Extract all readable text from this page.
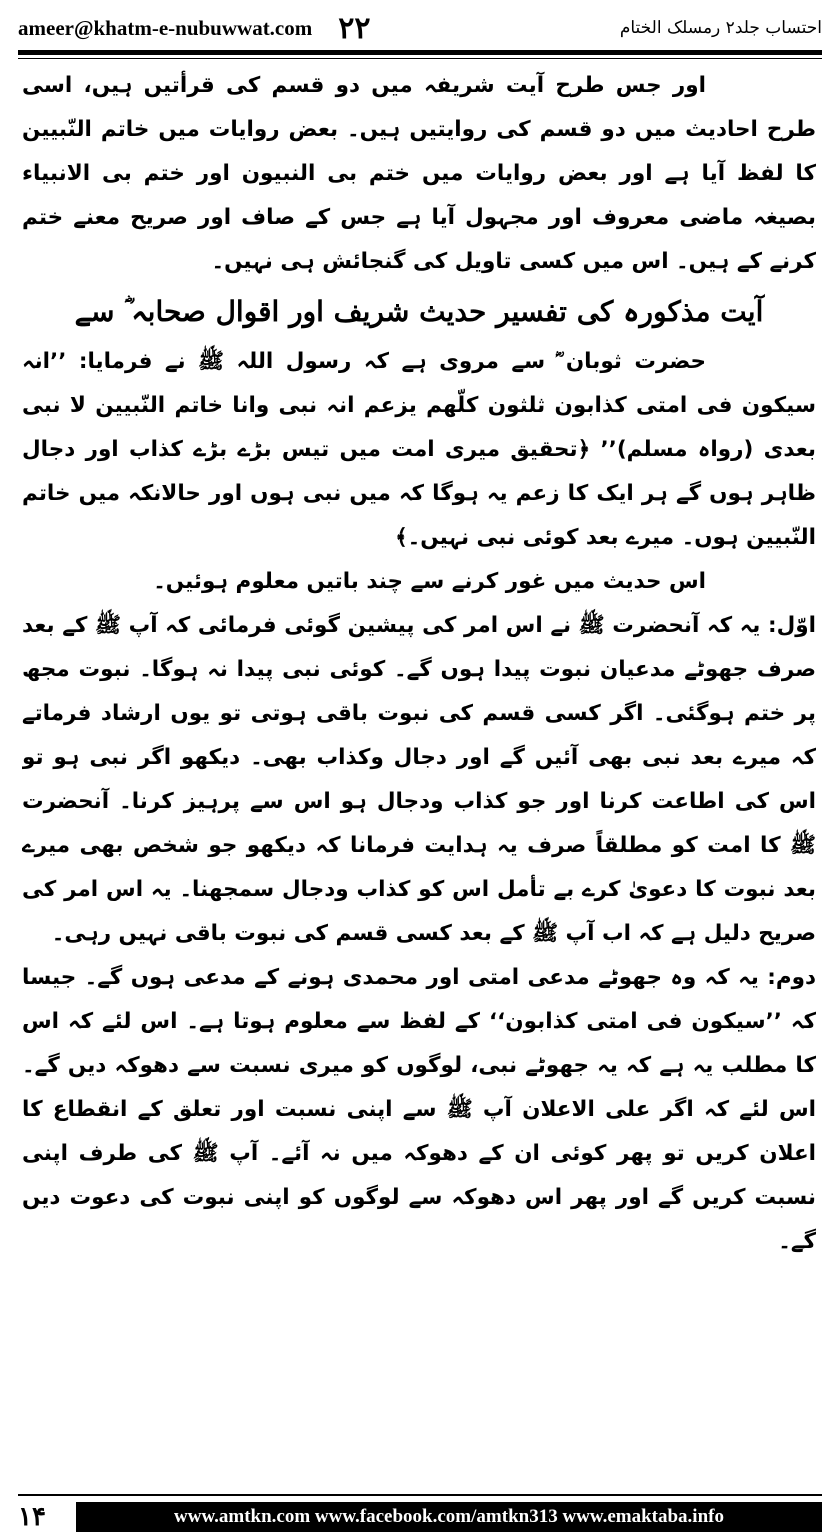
ameer@khatm-e-nubuwwat.com ۲۲	احتساب جلد۲ رمسلک الختام

اور جس طرح آیت شریفہ میں دو قسم کی قرأتیں ہیں، اسی طرح احادیث میں دو قسم کی روایتیں ہیں۔ بعض روایات میں خاتم النّبیین کا لفظ آیا ہے اور بعض روایات میں ختم بی النبیون اور ختم بی الانبیاء بصیغہ ماضی معروف اور مجہول آیا ہے جس کے صاف اور صریح معنے ختم کرنے کے ہیں۔ اس میں کسی تاویل کی گنجائش ہی نہیں۔

آیت مذکورہ کی تفسیر حدیث شریف اور اقوال صحابہ ؓ سے

حضرت ثوبان ؓ سے مروی ہے کہ رسول اللہ ﷺ نے فرمایا: ’’انہ سیکون فی امتی کذابون ثلثون کلّھم یزعم انہ نبی وانا خاتم النّبیین لا نبی بعدی (رواہ مسلم)’’ ﴿تحقیق میری امت میں تیس بڑے بڑے کذاب اور دجال ظاہر ہوں گے ہر ایک کا زعم یہ ہوگا کہ میں نبی ہوں اور حالانکہ میں خاتم النّبیین ہوں۔ میرے بعد کوئی نبی نہیں۔﴾

اس حدیث میں غور کرنے سے چند باتیں معلوم ہوئیں۔

اوّل: یہ کہ آنحضرت ﷺ نے اس امر کی پیشین گوئی فرمائی کہ آپ ﷺ کے بعد صرف جھوٹے مدعیان نبوت پیدا ہوں گے۔ کوئی نبی پیدا نہ ہوگا۔ نبوت مجھ پر ختم ہوگئی۔ اگر کسی قسم کی نبوت باقی ہوتی تو یوں ارشاد فرماتے کہ میرے بعد نبی بھی آئیں گے اور دجال وکذاب بھی۔ دیکھو اگر نبی ہو تو اس کی اطاعت کرنا اور جو کذاب ودجال ہو اس سے پرہیز کرنا۔ آنحضرت ﷺ کا امت کو مطلقاً صرف یہ ہدایت فرمانا کہ دیکھو جو شخص بھی میرے بعد نبوت کا دعویٰ کرے بے تأمل اس کو کذاب ودجال سمجھنا۔ یہ اس امر کی صریح دلیل ہے کہ اب آپ ﷺ کے بعد کسی قسم کی نبوت باقی نہیں رہی۔

دوم: یہ کہ وہ جھوٹے مدعی امتی اور محمدی ہونے کے مدعی ہوں گے۔ جیسا کہ ’’سیکون فی امتی کذابون‘‘ کے لفظ سے معلوم ہوتا ہے۔ اس لئے کہ اس کا مطلب یہ ہے کہ یہ جھوٹے نبی، لوگوں کو میری نسبت سے دھوکہ دیں گے۔ اس لئے کہ اگر علی الاعلان آپ ﷺ سے اپنی نسبت اور تعلق کے انقطاع کا اعلان کریں تو پھر کوئی ان کے دھوکہ میں نہ آئے۔ آپ ﷺ کی طرف اپنی نسبت کریں گے اور پھر اس دھوکہ سے لوگوں کو اپنی نبوت کی دعوت دیں گے۔

۱۴	www.amtkn.com www.facebook.com/amtkn313 www.emaktaba.info
